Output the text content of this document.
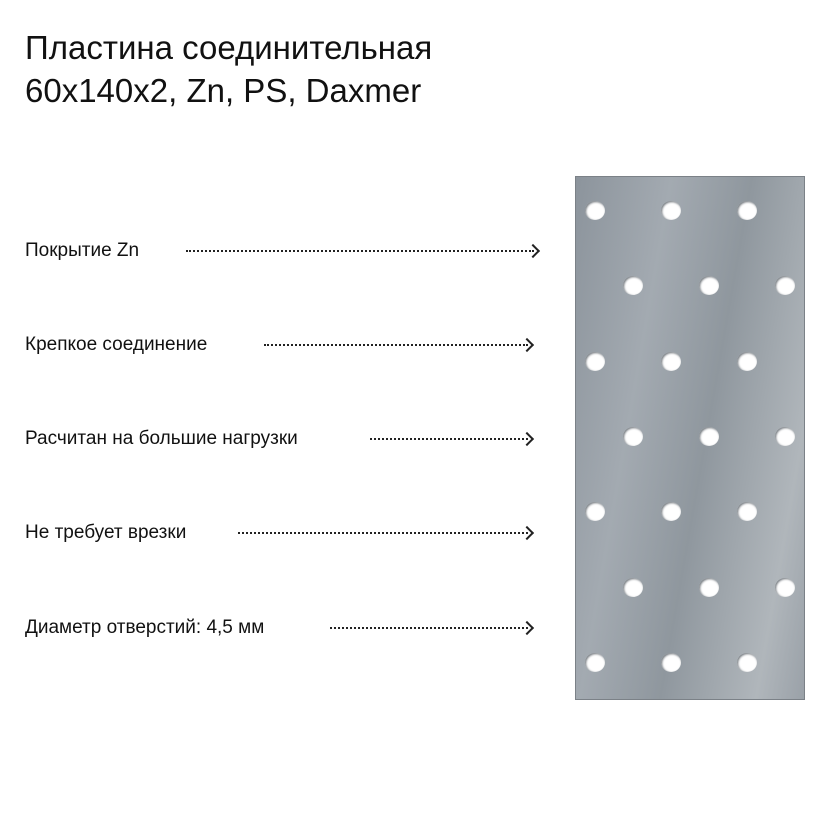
Пластина соединительная
60x140x2, Zn, PS, Daxmer
Покрытие Zn
Крепкое соединение
Расчитан на большие нагрузки
Не требует врезки
Диаметр отверстий: 4,5 мм
